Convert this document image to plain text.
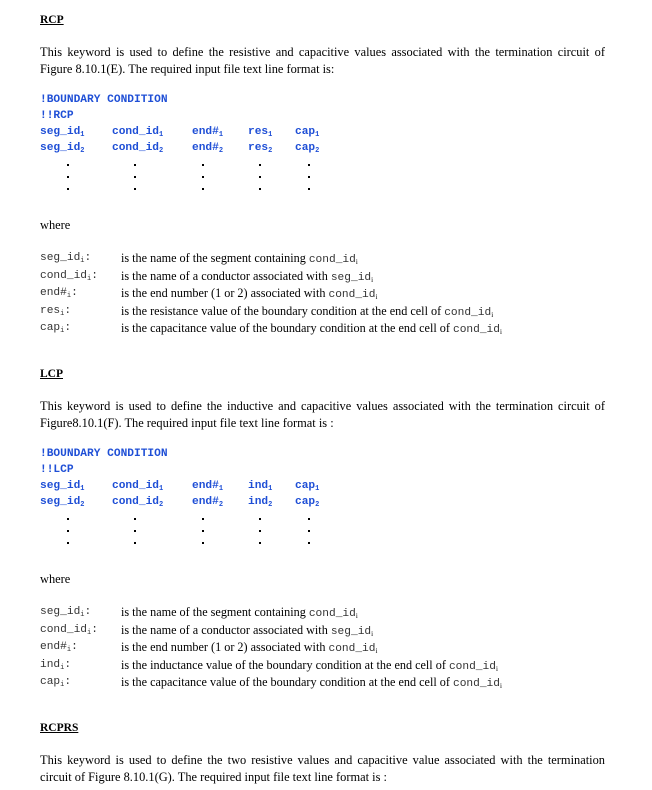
RCP
This keyword is used to define the resistive and capacitive values associated with the termination circuit of Figure 8.10.1(E). The required input file text line format is:
!BOUNDARY CONDITION
!!RCP
$seg\_id_1$ $cond\_id_1$	$end\#_1$ res$_1$ cap$_1$
$seg\_id_2$ $cond\_id_2$	$end\#_2$ res$_2$ cap$_2$
where
$seg\_id_i$: is the name of the segment containing $cond\_id_i$
$cond\_id_i$: is the name of a conductor associated with $seg\_id_i$
$end\#_i$:	is the end number (1 or 2) associated with $cond\_id_i$
res$_i$:	is the resistance value of the boundary condition at the end cell of $cond\_id_i$
cap$_i$:	is the capacitance value of the boundary condition at the end cell of $cond\_id_i$
LCP
This keyword is used to define the inductive and capacitive values associated with the termination circuit of Figure8.10.1(F). The required input file text line format is :
!BOUNDARY CONDITION
!!LCP
$seg\_id_1$ $cond\_id_1$	$end\#_1$ ind$_1$ cap$_1$
$seg\_id_2$ $cond\_id_2$	$end\#_2$ ind$_2$ cap$_2$
where
$seg\_id_i$: is the name of the segment containing $cond\_id_i$
$cond\_id_i$: is the name of a conductor associated with $seg\_id_i$
$end\#_i$:	is the end number (1 or 2) associated with $cond\_id_i$
ind$_i$:	is the inductance value of the boundary condition at the end cell of $cond\_id_i$
cap$_i$:	is the capacitance value of the boundary condition at the end cell of $cond\_id_i$
RCPRS
This keyword is used to define the two resistive values and capacitive value associated with the termination circuit of Figure 8.10.1(G). The required input file text line format is :
